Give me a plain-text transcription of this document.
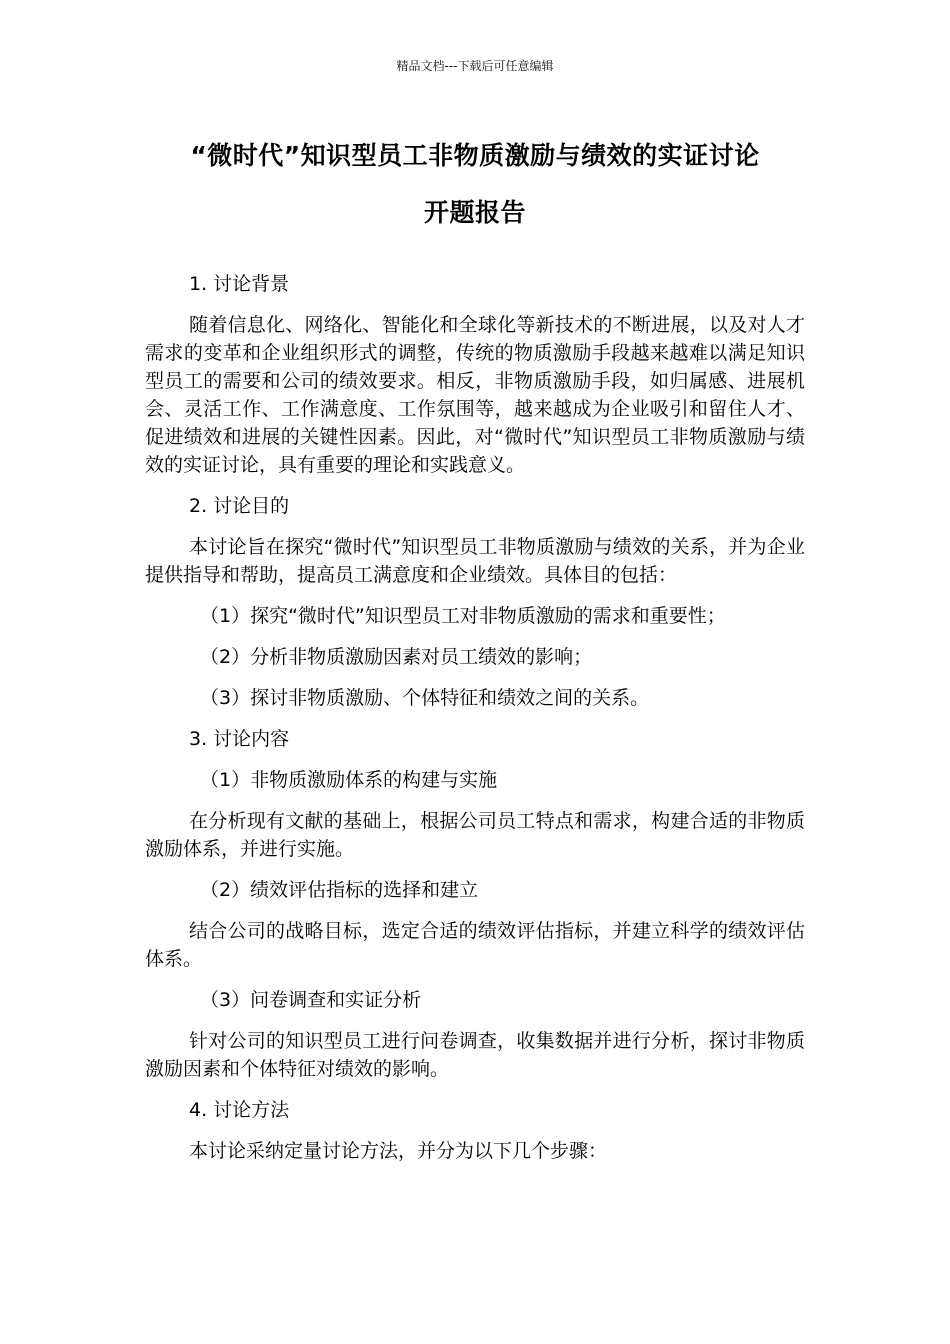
精品文档---下载后可任意编辑
“微时代”知识型员工非物质激励与绩效的实证讨论
开题报告

1. 讨论背景

随着信息化、网络化、智能化和全球化等新技术的不断进展，以及对人才需求的变革和企业组织形式的调整，传统的物质激励手段越来越难以满足知识型员工的需要和公司的绩效要求。相反，非物质激励手段，如归属感、进展机会、灵活工作、工作满意度、工作氛围等，越来越成为企业吸引和留住人才、促进绩效和进展的关键性因素。因此，对“微时代”知识型员工非物质激励与绩效的实证讨论，具有重要的理论和实践意义。

2. 讨论目的

本讨论旨在探究“微时代”知识型员工非物质激励与绩效的关系，并为企业提供指导和帮助，提高员工满意度和企业绩效。具体目的包括：

（1）探究“微时代”知识型员工对非物质激励的需求和重要性；

（2）分析非物质激励因素对员工绩效的影响；

（3）探讨非物质激励、个体特征和绩效之间的关系。

3. 讨论内容

（1）非物质激励体系的构建与实施

在分析现有文献的基础上，根据公司员工特点和需求，构建合适的非物质激励体系，并进行实施。

（2）绩效评估指标的选择和建立

结合公司的战略目标，选定合适的绩效评估指标，并建立科学的绩效评估体系。

（3）问卷调查和实证分析

针对公司的知识型员工进行问卷调查，收集数据并进行分析，探讨非物质激励因素和个体特征对绩效的影响。

4. 讨论方法

本讨论采纳定量讨论方法，并分为以下几个步骤：
